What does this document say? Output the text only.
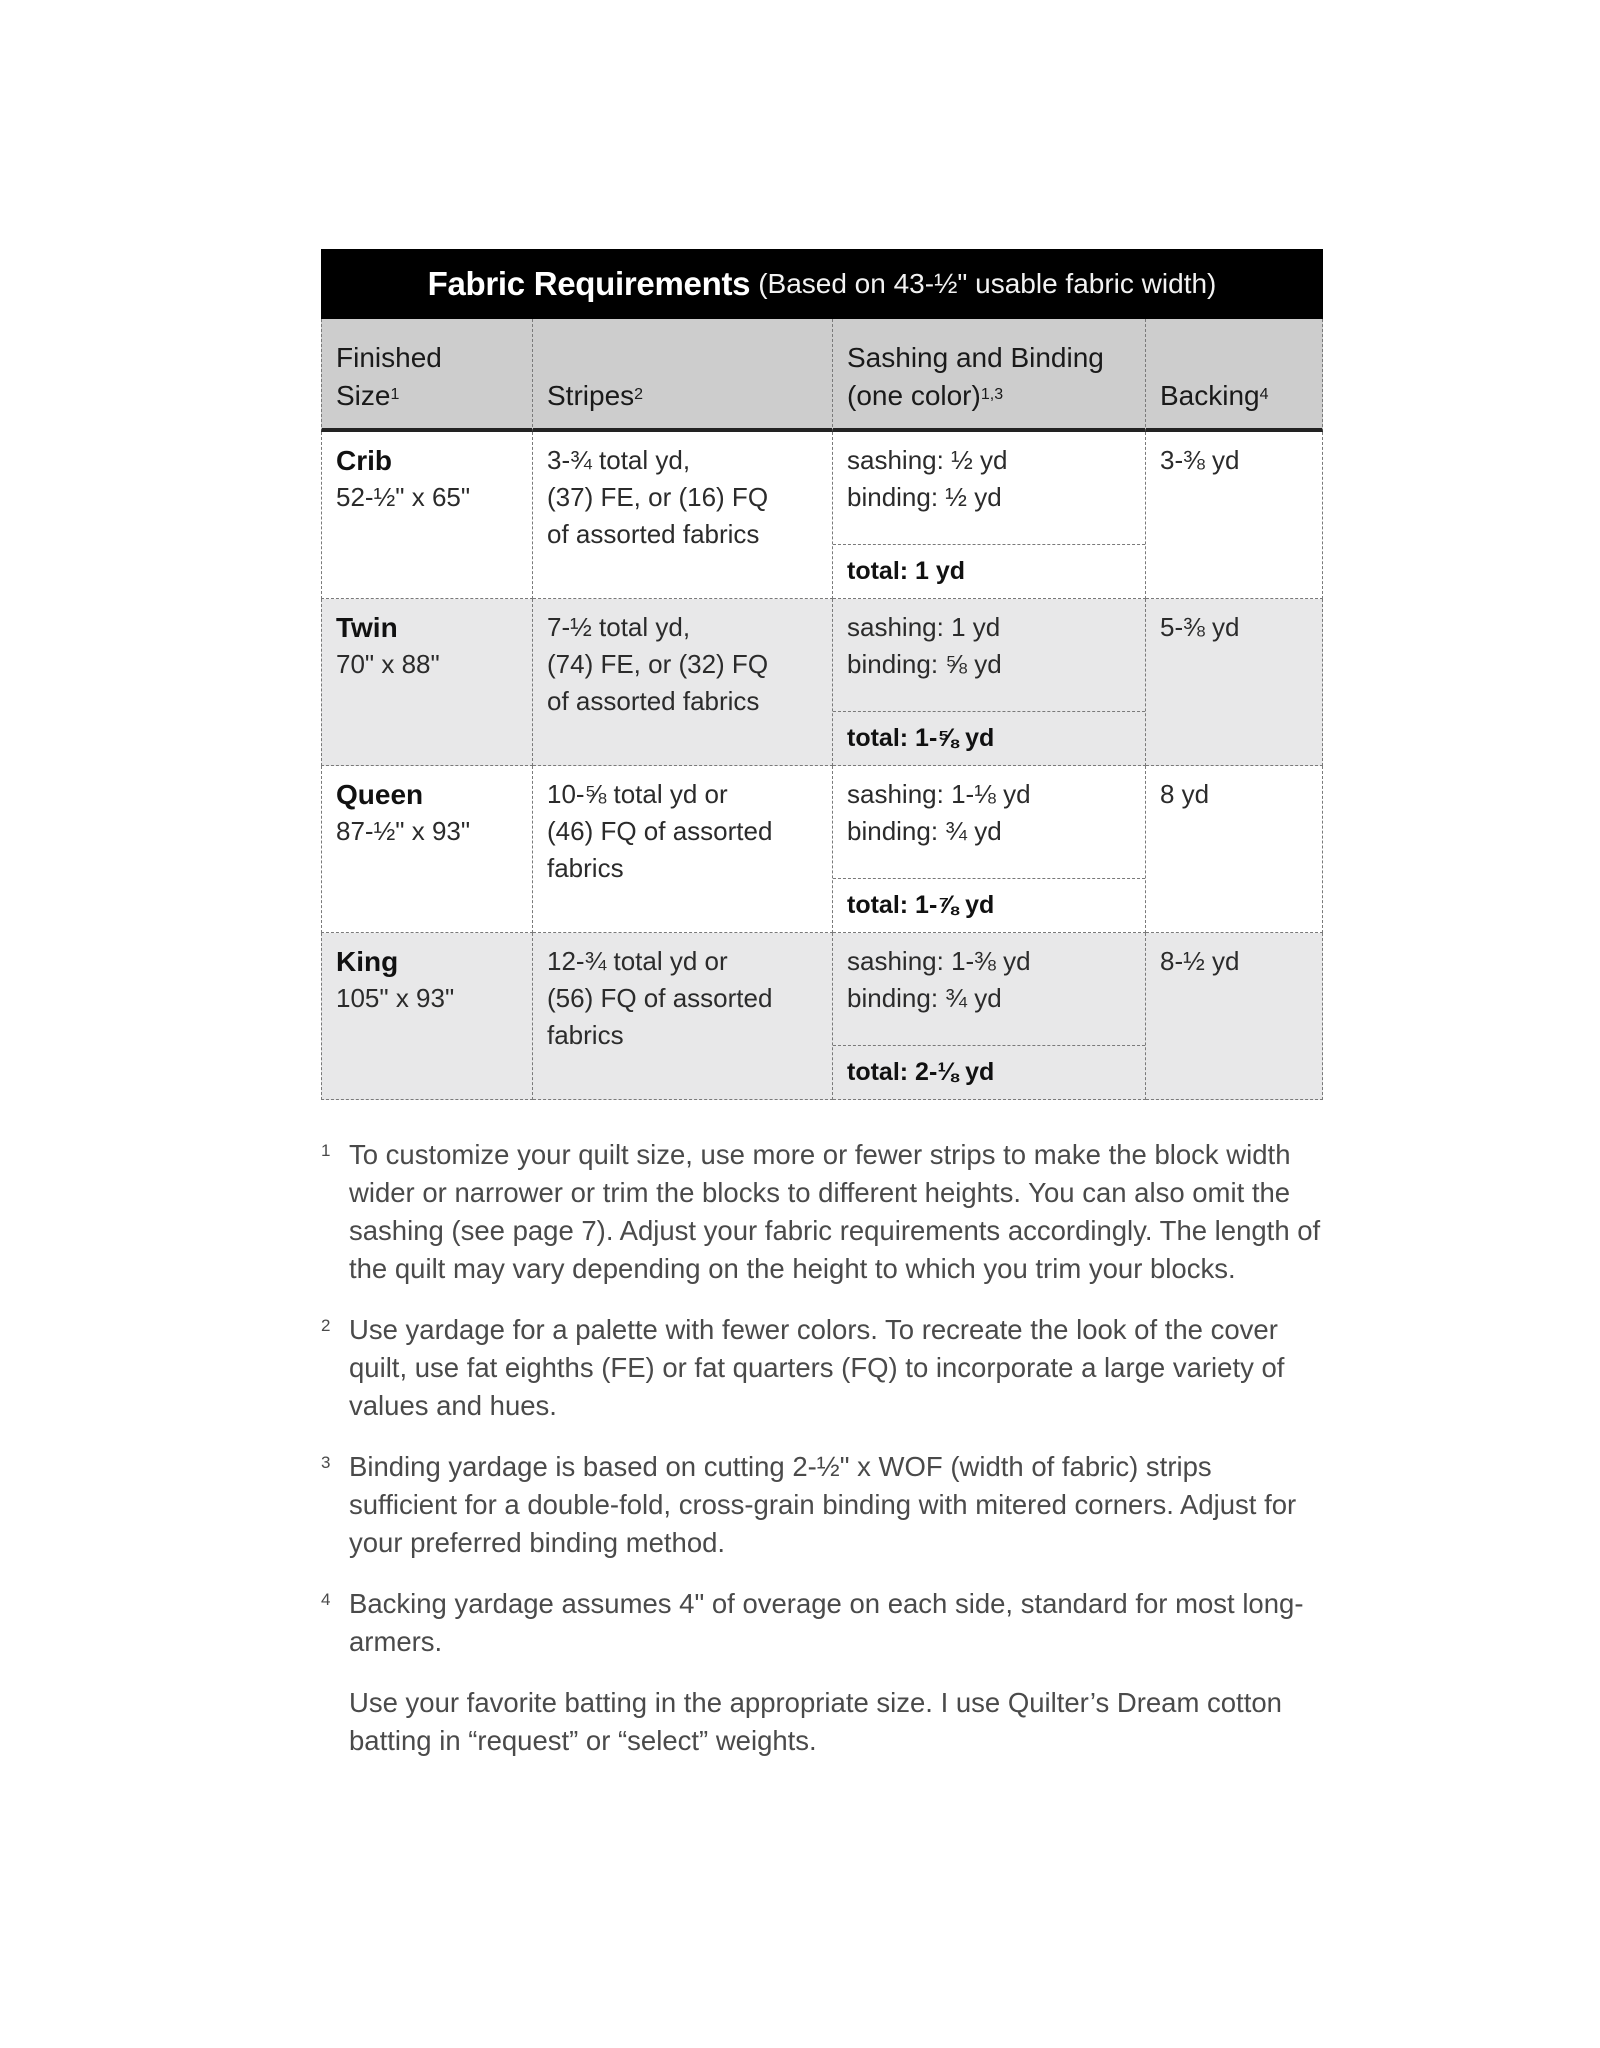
Fabric Requirements (Based on 43-½" usable fabric width)
Finished
Size$^1$	Stripes$^2$
Sashing and Binding
(one color)$^{1,3}$	Backing$^4$
Crib
52-½" x 65"
3-¾ total yd,
(37) FE, or (16) FQ
of assorted fabrics
sashing: ½ yd
binding: ½ yd
total: 1 yd
3-⅜ yd
Twin
70" x 88"
7-½ total yd,
(74) FE, or (32) FQ
of assorted fabrics
sashing: 1 yd
binding: ⅝ yd
total: 1-⅝ yd
5-⅜ yd
Queen
87-½" x 93"
10-⅝ total yd or
(46) FQ of assorted
fabrics
sashing: 1-⅛ yd
binding: ¾ yd
total: 1-⅞ yd
8 yd
King
105" x 93"
12-¾ total yd or
(56) FQ of assorted
fabrics
sashing: 1-⅜ yd
binding: ¾ yd
total: 2-⅛ yd
8-½ yd
1 To customize your quilt size, use more or fewer strips to make the block width wider or narrower or trim the blocks to different heights. You can also omit the sashing (see page 7). Adjust your fabric requirements accordingly. The length of the quilt may vary depending on the height to which you trim your blocks.
2 Use yardage for a palette with fewer colors. To recreate the look of the cover quilt, use fat eighths (FE) or fat quarters (FQ) to incorporate a large variety of values and hues.
3 Binding yardage is based on cutting 2-½" x WOF (width of fabric) strips sufficient for a double-fold, cross-grain binding with mitered corners. Adjust for your preferred binding method.
4 Backing yardage assumes 4" of overage on each side, standard for most long-armers.
Use your favorite batting in the appropriate size. I use Quilter’s Dream cotton batting in “request” or “select” weights.
